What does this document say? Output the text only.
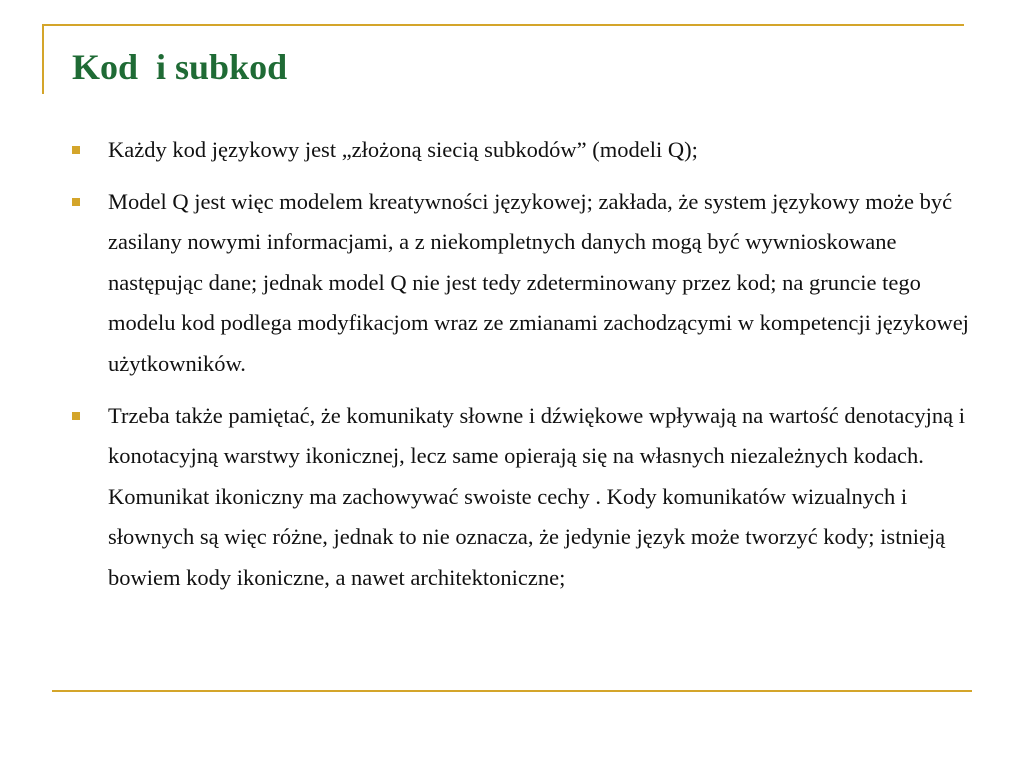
Kod  i subkod
Każdy kod językowy jest „złożoną siecią subkodów” (modeli Q);
Model Q jest więc modelem kreatywności językowej; zakłada, że system językowy może być zasilany nowymi informacjami, a z niekompletnych danych mogą być wywnioskowane następując dane; jednak model Q nie jest tedy zdeterminowany przez kod; na gruncie tego modelu kod podlega modyfikacjom wraz ze zmianami zachodzącymi w kompetencji językowej użytkowników.
Trzeba także pamiętać, że komunikaty słowne i dźwiękowe wpływają na wartość denotacyjną i konotacyjną warstwy ikonicznej, lecz same opierają się na własnych niezależnych kodach. Komunikat ikoniczny ma zachowywać swoiste cechy . Kody komunikatów wizualnych i słownych są więc różne, jednak to nie oznacza, że jedynie język może tworzyć kody; istnieją bowiem kody ikoniczne, a nawet architektoniczne;
